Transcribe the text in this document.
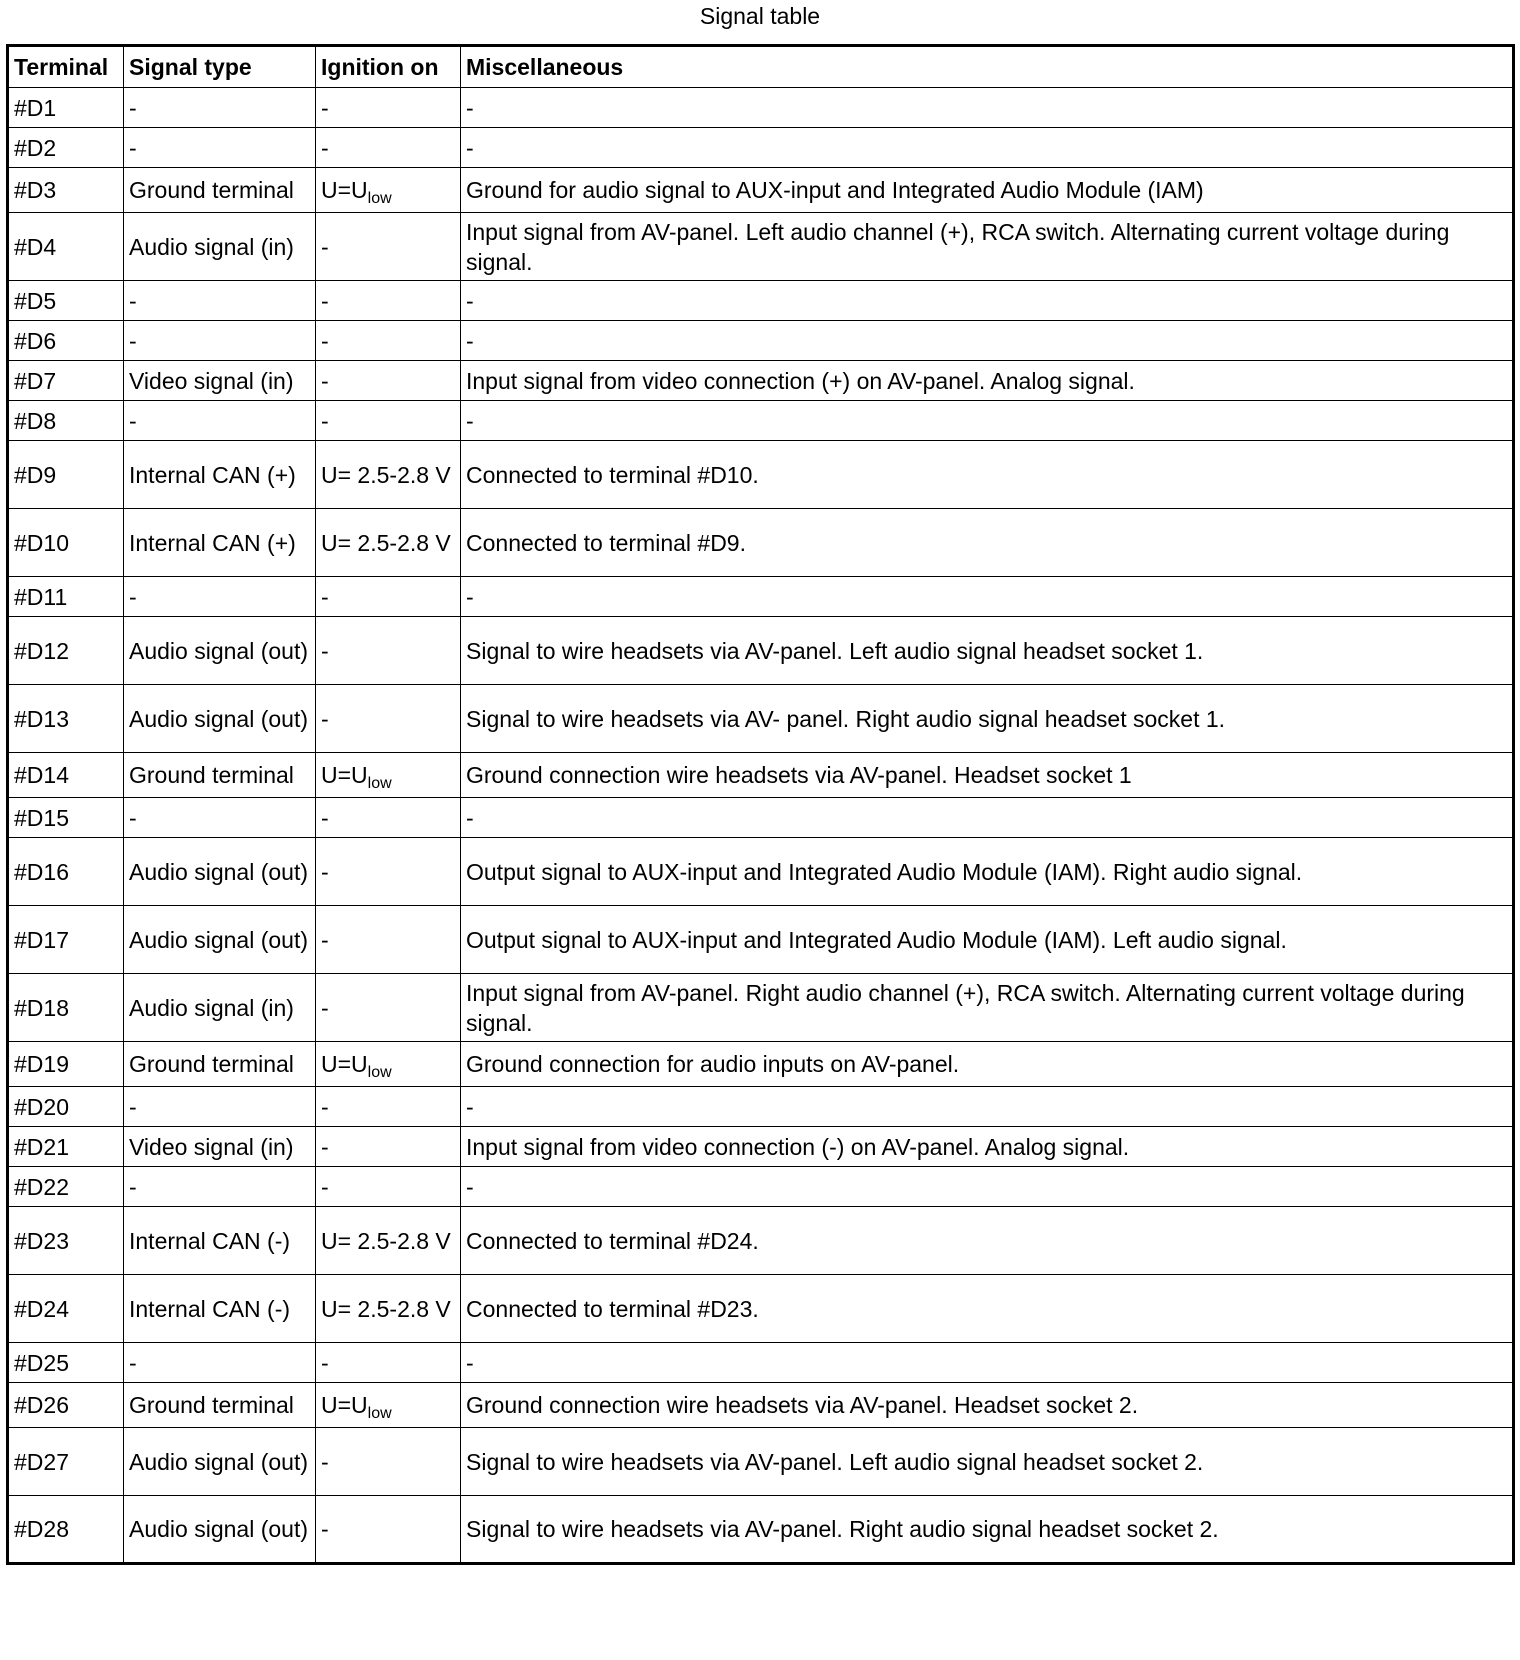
Signal table
Terminal	Signal type	Ignition on	Miscellaneous
#D1	-	-	-
#D2	-	-	-
#D3	Ground terminal	$U=U_{low}$	Ground for audio signal to AUX-input and Integrated Audio Module (IAM)
#D4	Audio signal (in)	-	Input signal from AV-panel. Left audio channel (+), RCA switch. Alternating current voltage during signal.
#D5	-	-	-
#D6	-	-	-
#D7	Video signal (in)	-	Input signal from video connection (+) on AV-panel. Analog signal.
#D8	-	-	-
#D9	Internal CAN (+)	U= 2.5-2.8 V	Connected to terminal #D10.
#D10	Internal CAN (+)	U= 2.5-2.8 V	Connected to terminal #D9.
#D11	-	-	-
#D12	Audio signal (out)	-	Signal to wire headsets via AV-panel. Left audio signal headset socket 1.
#D13	Audio signal (out)	-	Signal to wire headsets via AV- panel. Right audio signal headset socket 1.
#D14	Ground terminal	$U=U_{low}$	Ground connection wire headsets via AV-panel. Headset socket 1
#D15	-	-	-
#D16	Audio signal (out)	-	Output signal to AUX-input and Integrated Audio Module (IAM). Right audio signal.
#D17	Audio signal (out)	-	Output signal to AUX-input and Integrated Audio Module (IAM). Left audio signal.
#D18	Audio signal (in)	-	Input signal from AV-panel. Right audio channel (+), RCA switch. Alternating current voltage during signal.
#D19	Ground terminal	$U=U_{low}$	Ground connection for audio inputs on AV-panel.
#D20	-	-	-
#D21	Video signal (in)	-	Input signal from video connection (-) on AV-panel. Analog signal.
#D22	-	-	-
#D23	Internal CAN (-)	U= 2.5-2.8 V	Connected to terminal #D24.
#D24	Internal CAN (-)	U= 2.5-2.8 V	Connected to terminal #D23.
#D25	-	-	-
#D26	Ground terminal	$U=U_{low}$	Ground connection wire headsets via AV-panel. Headset socket 2.
#D27	Audio signal (out)	-	Signal to wire headsets via AV-panel. Left audio signal headset socket 2.
#D28	Audio signal (out)	-	Signal to wire headsets via AV-panel. Right audio signal headset socket 2.
